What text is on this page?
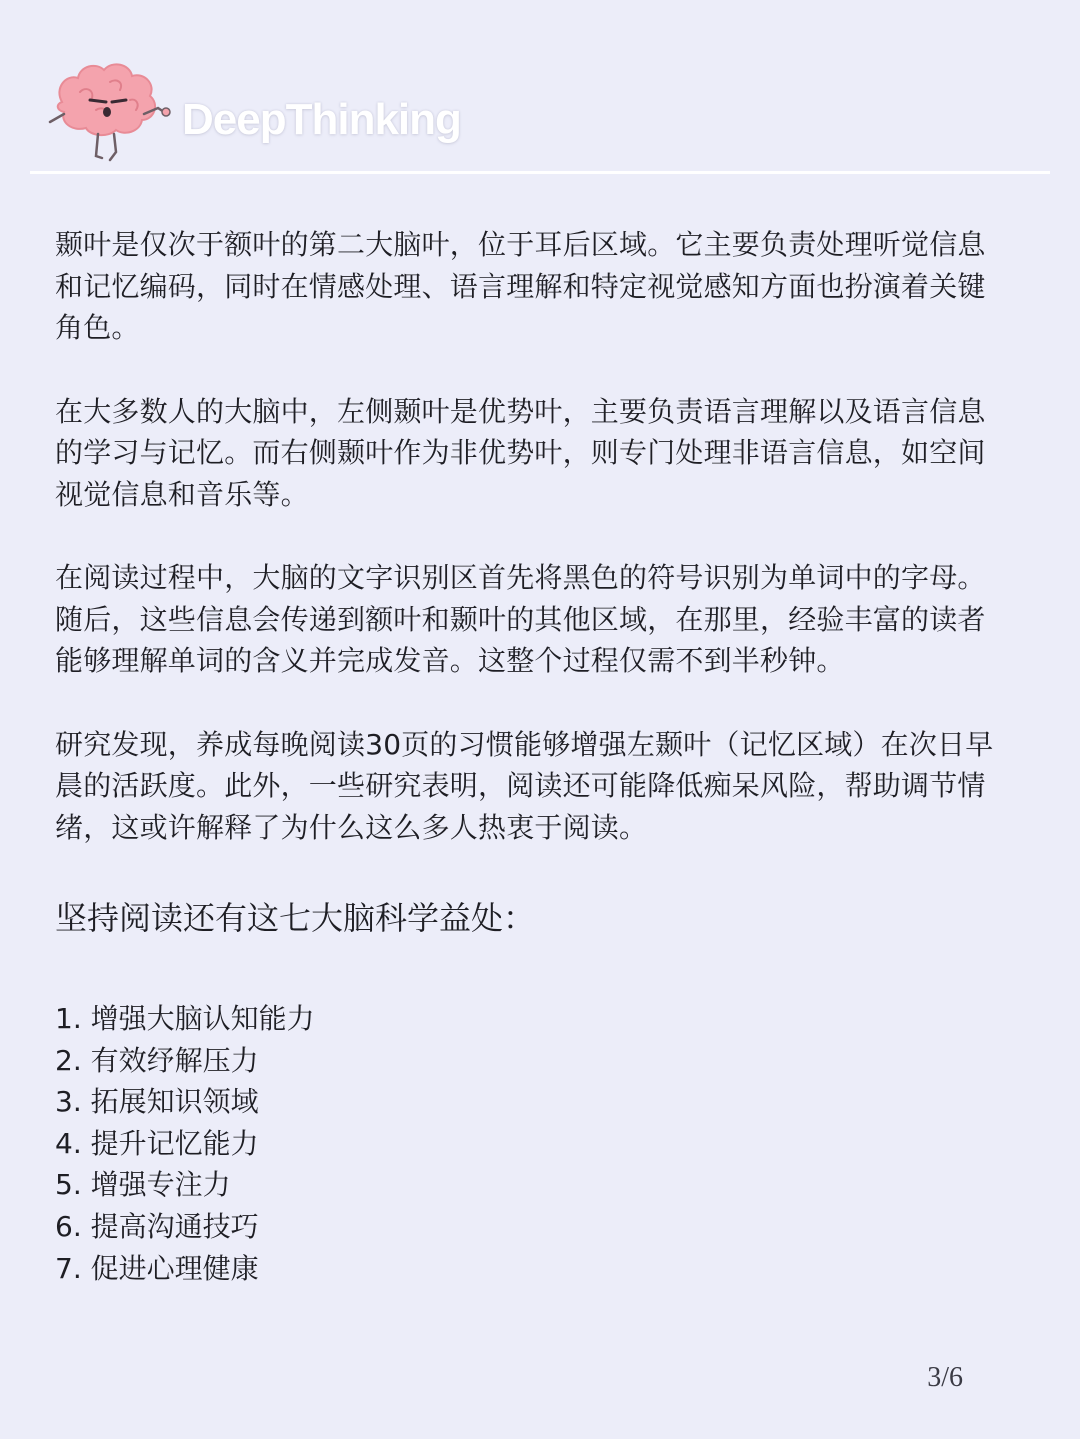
DeepThinking

颞叶是仅次于额叶的第二大脑叶，位于耳后区域。它主要负责处理听觉信息和记忆编码，同时在情感处理、语言理解和特定视觉感知方面也扮演着关键角色。

在大多数人的大脑中，左侧颞叶是优势叶，主要负责语言理解以及语言信息的学习与记忆。而右侧颞叶作为非优势叶，则专门处理非语言信息，如空间视觉信息和音乐等。

在阅读过程中，大脑的文字识别区首先将黑色的符号识别为单词中的字母。随后，这些信息会传递到额叶和颞叶的其他区域，在那里，经验丰富的读者能够理解单词的含义并完成发音。这整个过程仅需不到半秒钟。

研究发现，养成每晚阅读30页的习惯能够增强左颞叶（记忆区域）在次日早晨的活跃度。此外，一些研究表明，阅读还可能降低痴呆风险，帮助调节情绪，这或许解释了为什么这么多人热衷于阅读。

坚持阅读还有这七大脑科学益处：
1. 增强大脑认知能力
2. 有效纾解压力
3. 拓展知识领域
4. 提升记忆能力
5. 增强专注力
6. 提高沟通技巧
7. 促进心理健康
3/6
